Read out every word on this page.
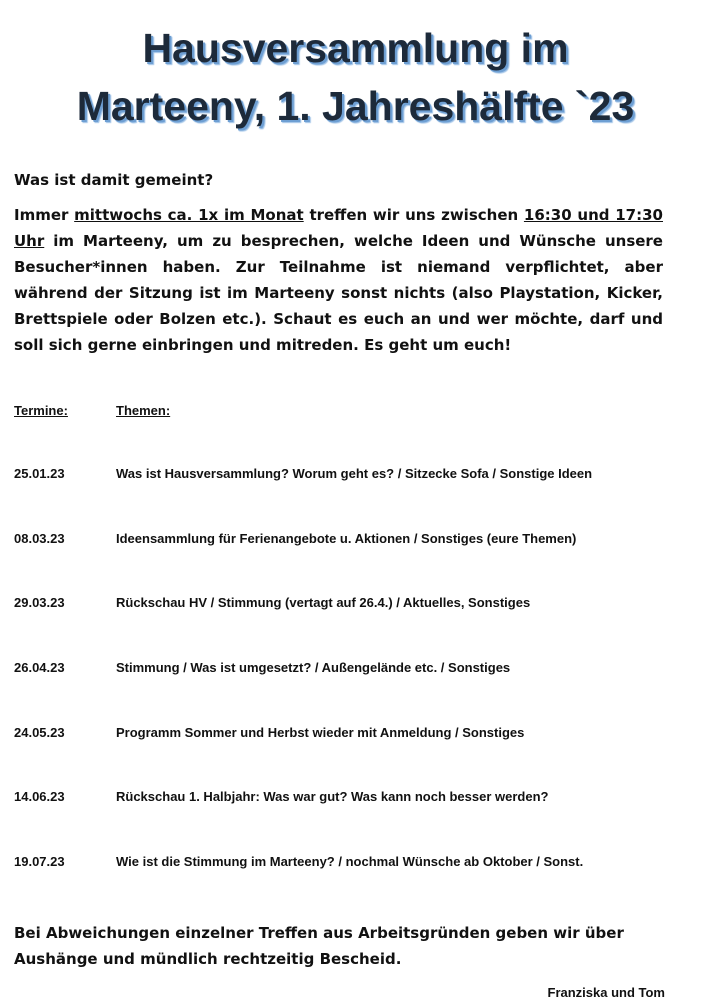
Hausversammlung im
Marteeny, 1. Jahreshälfte `23

Was ist damit gemeint?

Immer mittwochs ca. 1x im Monat treffen wir uns zwischen 16:30 und 17:30 Uhr im Marteeny, um zu besprechen, welche Ideen und Wünsche unsere Besucher*innen haben. Zur Teilnahme ist niemand verpflichtet, aber während der Sitzung ist im Marteeny sonst nichts (also Playstation, Kicker, Brettspiele oder Bolzen etc.). Schaut es euch an und wer möchte, darf und soll sich gerne einbringen und mitreden. Es geht um euch!

Termine:	Themen:
25.01.23	Was ist Hausversammlung? Worum geht es? / Sitzecke Sofa / Sonstige Ideen
08.03.23	Ideensammlung für Ferienangebote u. Aktionen / Sonstiges (eure Themen)
29.03.23	Rückschau HV / Stimmung (vertagt auf 26.4.) / Aktuelles, Sonstiges
26.04.23	Stimmung / Was ist umgesetzt? / Außengelände etc. / Sonstiges
24.05.23	Programm Sommer und Herbst wieder mit Anmeldung / Sonstiges
14.06.23	Rückschau 1. Halbjahr: Was war gut? Was kann noch besser werden?
19.07.23	Wie ist die Stimmung im Marteeny? / nochmal Wünsche ab Oktober / Sonst.

Bei Abweichungen einzelner Treffen aus Arbeitsgründen geben wir über Aushänge und mündlich rechtzeitig Bescheid.

Franziska und Tom
